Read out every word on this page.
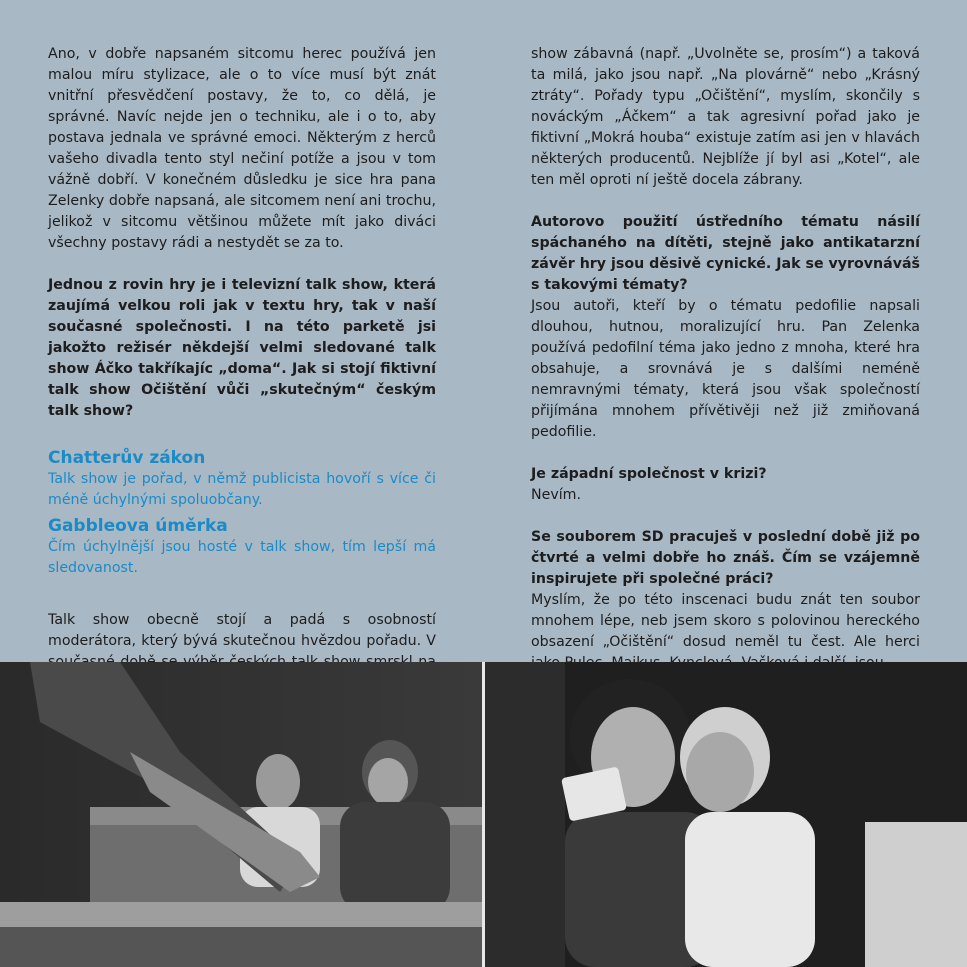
Ano, v dobře napsaném sitcomu herec používá jen malou míru stylizace, ale o to více musí být znát vnitřní přesvědčení postavy, že to, co dělá, je správné. Navíc nejde jen o techniku, ale i o to, aby postava jednala ve správné emoci. Některým z herců vašeho divadla tento styl nečiní potíže a jsou v tom vážně dobří. V konečném důsledku je sice hra pana Zelenky dobře napsaná, ale sitcomem není ani trochu, jelikož v sitcomu většinou můžete mít jako diváci všechny postavy rádi a nestydět se za to.

Jednou z rovin hry je i televizní talk show, která zaujímá velkou roli jak v textu hry, tak v naší současné společnosti. I na této parketě jsi jakožto režisér někdejší velmi sledované talk show Áčko takříkajíc „doma“. Jak si stojí fiktivní talk show Očištění vůči „skutečným“ českým talk show?

Chatterův zákon

Talk show je pořad, v němž publicista hovoří s více či méně úchylnými spoluobčany.

Gabbleova úměrka

Čím úchylnější jsou hosté v talk show, tím lepší má sledovanost.

Talk show obecně stojí a padá s osobností moderátora, který bývá skutečnou hvězdou pořadu. V

show zábavná (např. „Uvolněte se, prosím“) a taková ta milá, jako jsou např. „Na plovárně“ nebo „Krásný ztráty“. Pořady typu „Očištění“, myslím, skončily s nováckým „Áčkem“ a tak agresivní pořad jako je fiktivní „Mokrá houba“ existuje zatím asi jen v hlavách některých producentů. Nejblíže jí byl asi „Kotel“, ale ten měl oproti ní ještě docela zábrany.

Autorovo použití ústředního tématu násilí spáchaného na dítěti, stejně jako antikatarzní závěr hry jsou děsivě cynické. Jak se vyrovnáváš s takovými tématy?

Jsou autoři, kteří by o tématu pedofilie napsali dlouhou, hutnou, moralizující hru. Pan Zelenka používá pedofilní téma jako jedno z mnoha, které hra obsahuje, a srovnává je s dalšími neméně nemravnými tématy, která jsou však společností přijímána mnohem přívětivěji než již zmiňovaná pedofilie.

Je západní společnost v krizi?

Nevím.

Se souborem SD pracuješ v poslední době již po čtvrté a velmi dobře ho znáš. Čím se vzájemně inspirujete při společné práci?

Myslím, že po této inscenaci budu znát ten soubor mnohem lépe, neb jsem skoro s polovinou hereckého obsazení „Očištění“ dosud neměl tu čest. Ale herci
